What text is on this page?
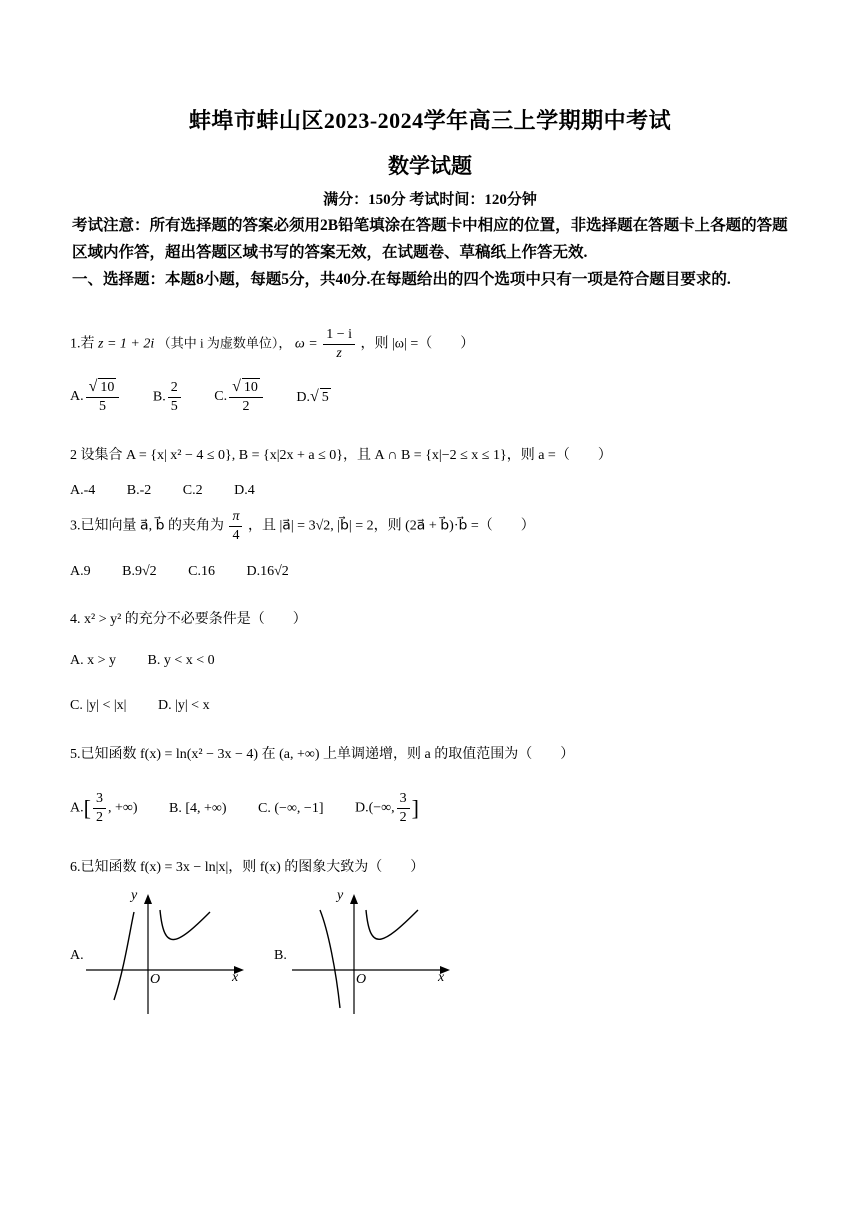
蚌埠市蚌山区2023-2024学年高三上学期期中考试
数学试题
满分：150分 考试时间：120分钟
考试注意：所有选择题的答案必须用2B铅笔填涂在答题卡中相应的位置，非选择题在答题卡上各题的答题区域内作答，超出答题区域书写的答案无效，在试题卷、草稿纸上作答无效.
一、选择题：本题8小题，每题5分，共40分.在每题给出的四个选项中只有一项是符合题目要求的.
1.若 z = 1 + 2i （其中 i 为虚数单位）， $\omega = \frac{1 - i}{z}$ ，则 |ω| =（　　）
A. $\frac{√ 10}{5} B$. $\frac{2}{5} C$. $\frac{√ 10}{2} D.√$ 5
2 设集合 A = {x| x² − 4 ≤ 0}, B = {x|2x + a ≤ 0}，且 A ∩ B = {x|−2 ≤ x ≤ 1}，则 a =（　　）
A.-4 B.-2 C.2 D.4
3.已知向量 a⃗, b⃗ 的夹角为 $\frac{\pi}{4}$ ，且 |a⃗| = 3√2, |b⃗| = 2，则 (2a⃗ + b⃗)·b⃗ =（　　）
A.9 B.9√2 C.16 D.16√2
4. x² > y² 的充分不必要条件是（　　）
A. x > y B. y < x < 0
C. |y| < |x| D. |y| < x
5.已知函数 f(x) = ln(x² − 3x − 4) 在 (a, +∞) 上单调递增，则 a 的取值范围为（　　）
$A.[ \frac{3}{2}$ , +∞) B. [4, +∞) C. (−∞, −1] D.(−∞, $\frac{3}{2}$ ]
6.已知函数 f(x) = 3x − ln|x|，则 f(x) 的图象大致为（　　）
A.
y
x
O
B.
y
x
O
